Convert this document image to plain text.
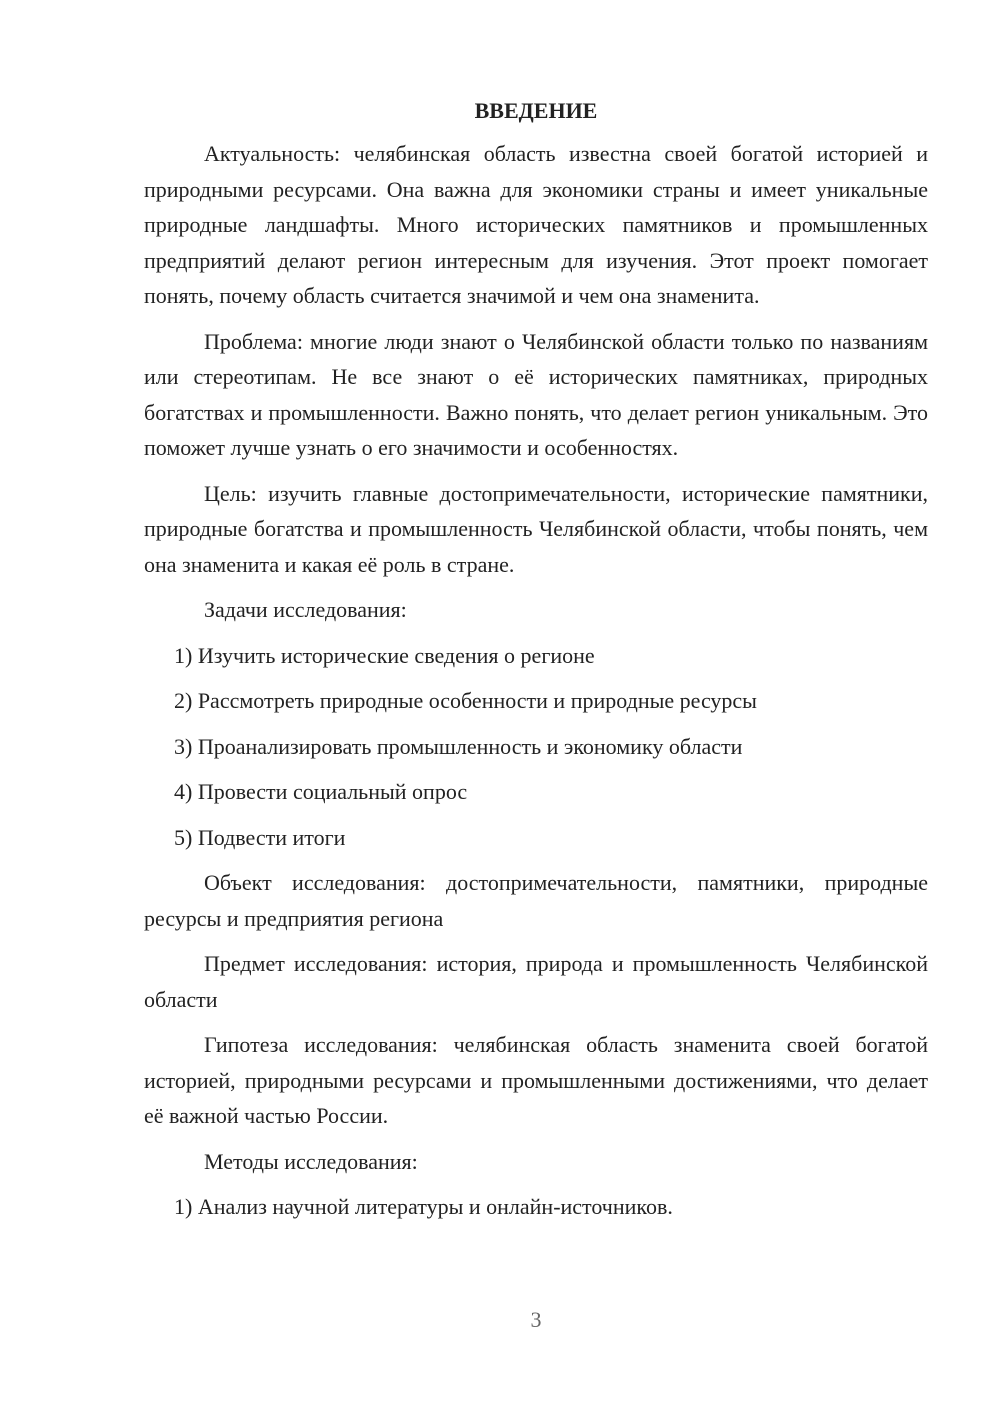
ВВЕДЕНИЕ
Актуальность: челябинская область известна своей богатой историей и природными ресурсами. Она важна для экономики страны и имеет уникальные природные ландшафты. Много исторических памятников и промышленных предприятий делают регион интересным для изучения. Этот проект помогает понять, почему область считается значимой и чем она знаменита.
Проблема: многие люди знают о Челябинской области только по названиям или стереотипам. Не все знают о её исторических памятниках, природных богатствах и промышленности. Важно понять, что делает регион уникальным. Это поможет лучше узнать о его значимости и особенностях.
Цель: изучить главные достопримечательности, исторические памятники, природные богатства и промышленность Челябинской области, чтобы понять, чем она знаменита и какая её роль в стране.
Задачи исследования:
1) Изучить исторические сведения о регионе
2) Рассмотреть природные особенности и природные ресурсы
3) Проанализировать промышленность и экономику области
4) Провести социальный опрос
5) Подвести итоги
Объект исследования: достопримечательности, памятники, природные ресурсы и предприятия региона
Предмет исследования: история, природа и промышленность Челябинской области
Гипотеза исследования: челябинская область знаменита своей богатой историей, природными ресурсами и промышленными достижениями, что делает её важной частью России.
Методы исследования:
1) Анализ научной литературы и онлайн-источников.
3
